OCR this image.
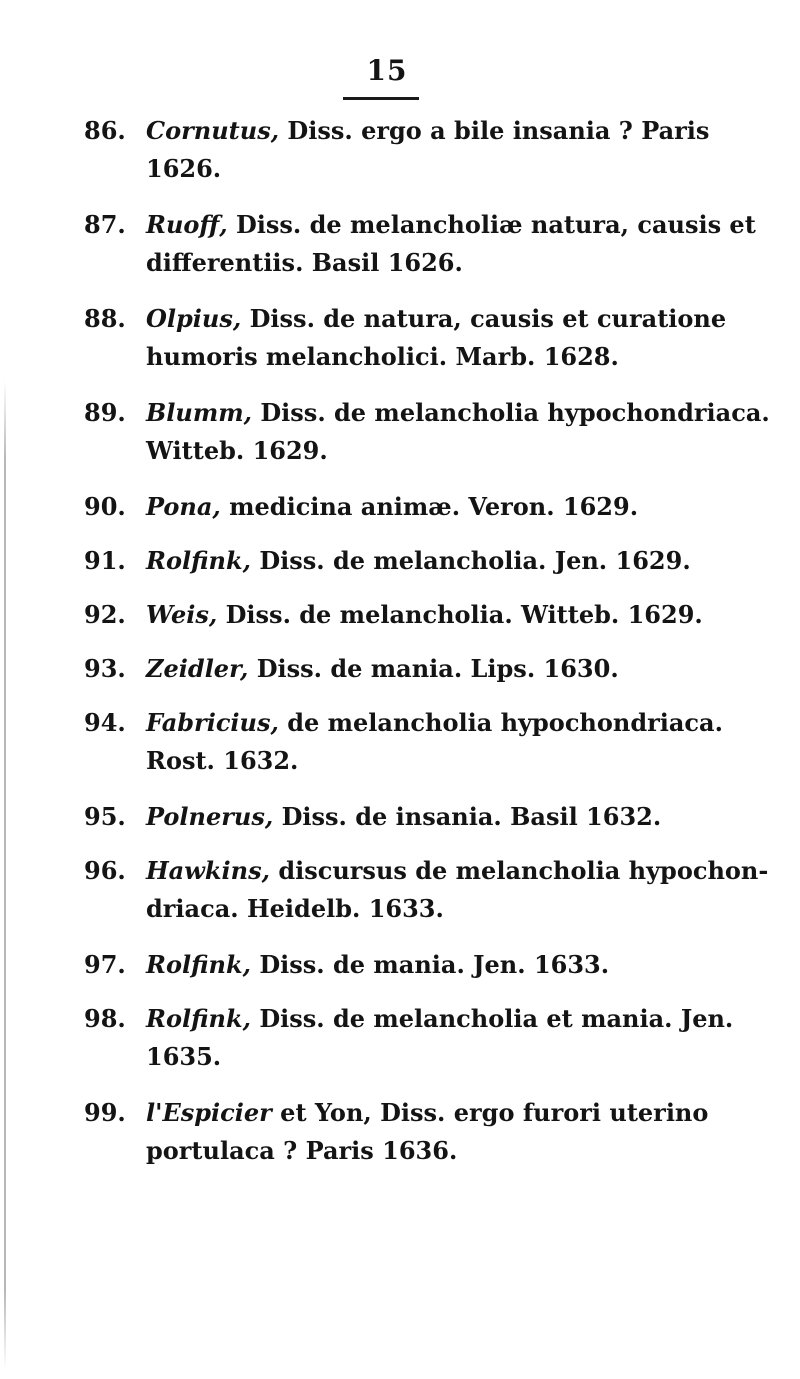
15
86. Cornutus, Diss. ergo a bile insania ? Paris
1626.
87. Ruoff, Diss. de melancholiæ natura, causis et
differentiis. Basil 1626.
88. Olpius, Diss. de natura, causis et curatione
humoris melancholici. Marb. 1628.
89. Blumm, Diss. de melancholia hypochondriaca.
Witteb. 1629.
90. Pona, medicina animæ. Veron. 1629.
91. Rolfink, Diss. de melancholia. Jen. 1629.
92. Weis, Diss. de melancholia. Witteb. 1629.
93. Zeidler, Diss. de mania. Lips. 1630.
94. Fabricius, de melancholia hypochondriaca.
Rost. 1632.
95. Polnerus, Diss. de insania. Basil 1632.
96. Hawkins, discursus de melancholia hypochon-
driaca. Heidelb. 1633.
97. Rolfink, Diss. de mania. Jen. 1633.
98. Rolfink, Diss. de melancholia et mania. Jen.
1635.
99. l'Espicier et Yon, Diss. ergo furori uterino
portulaca ? Paris 1636.
